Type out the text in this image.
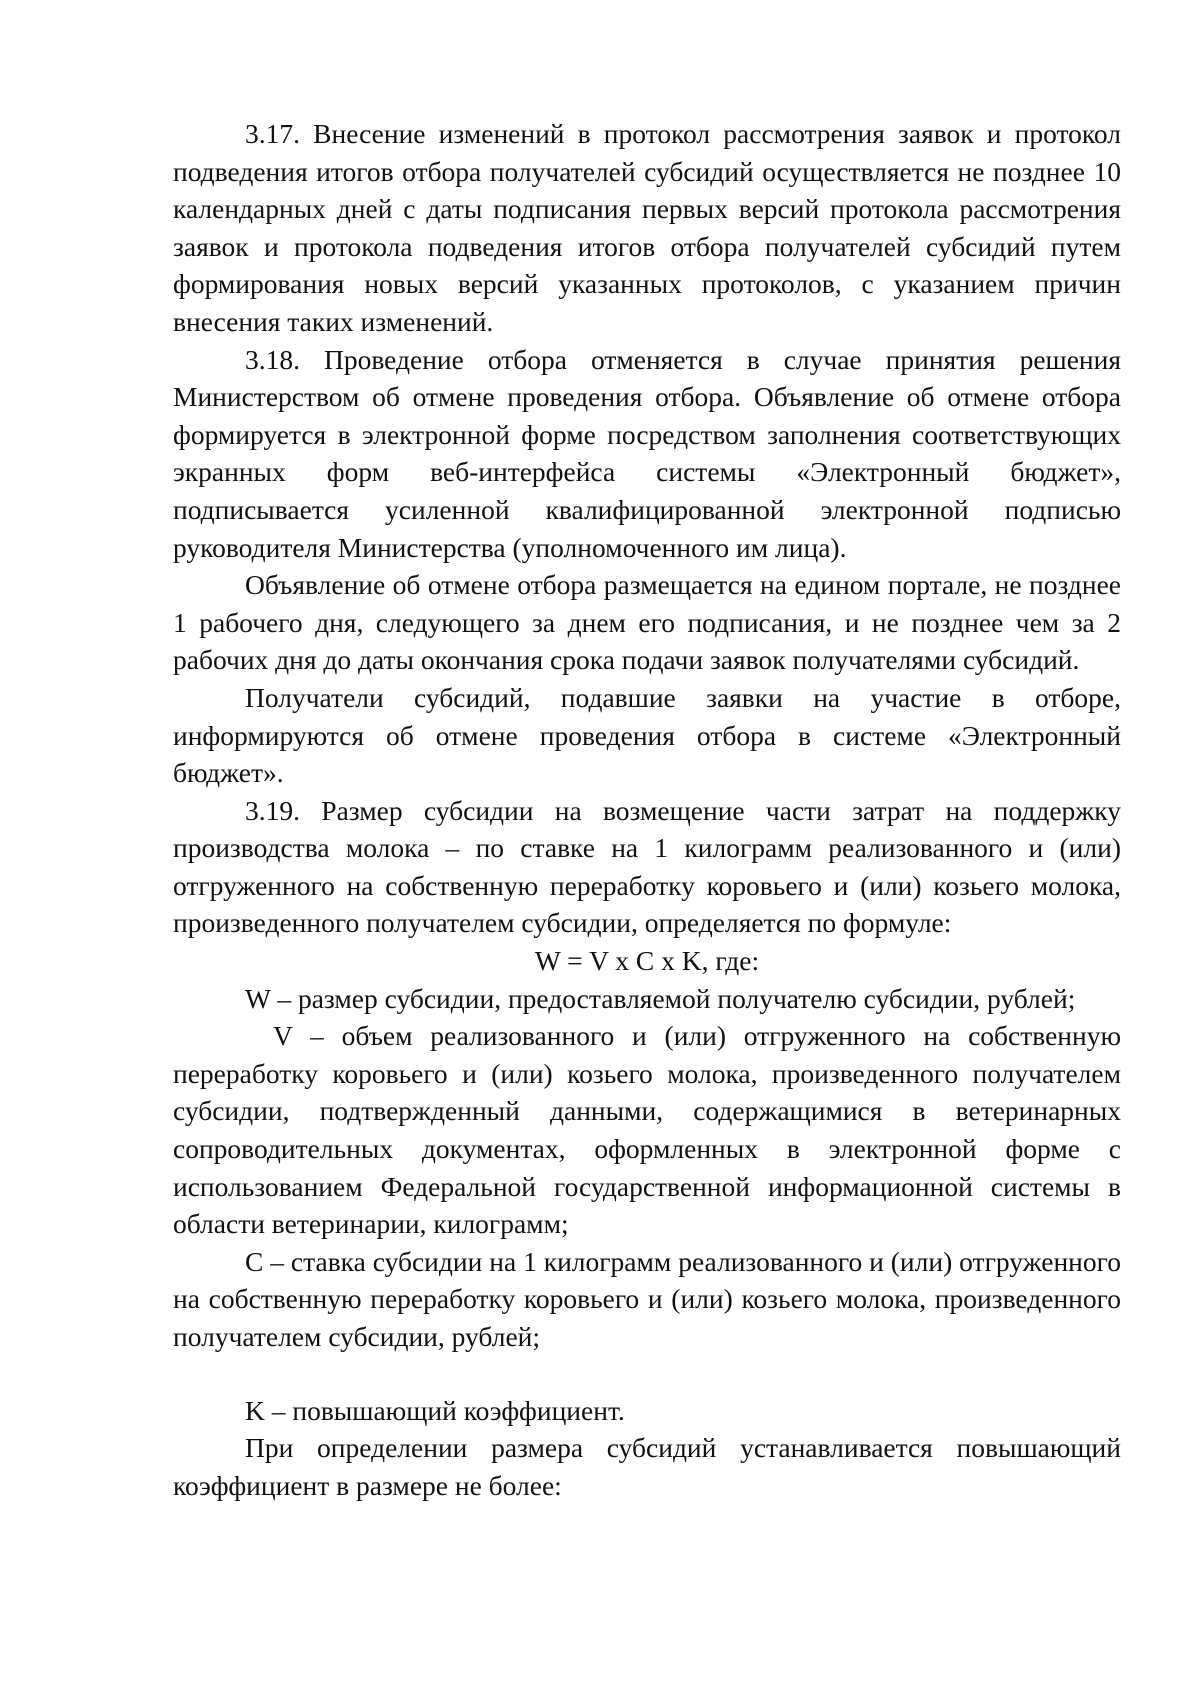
3.17. Внесение изменений в протокол рассмотрения заявок и протокол подведения итогов отбора получателей субсидий осуществляется не позднее 10 календарных дней с даты подписания первых версий протокола рассмотрения заявок и протокола подведения итогов отбора получателей субсидий путем формирования новых версий указанных протоколов, с указанием причин внесения таких изменений.

3.18. Проведение отбора отменяется в случае принятия решения Министерством об отмене проведения отбора. Объявление об отмене отбора формируется в электронной форме посредством заполнения соответствующих экранных форм веб-интерфейса системы «Электронный бюджет», подписывается усиленной квалифицированной электронной подписью руководителя Министерства (уполномоченного им лица).

Объявление об отмене отбора размещается на едином портале, не позднее 1 рабочего дня, следующего за днем его подписания, и не позднее чем за 2 рабочих дня до даты окончания срока подачи заявок получателями субсидий.

Получатели субсидий, подавшие заявки на участие в отборе, информируются об отмене проведения отбора в системе «Электронный бюджет».

3.19. Размер субсидии на возмещение части затрат на поддержку производства молока – по ставке на 1 килограмм реализованного и (или) отгруженного на собственную переработку коровьего и (или) козьего молока, произведенного получателем субсидии, определяется по формуле:

W = V x C x K, где:

W – размер субсидии, предоставляемой получателю субсидии, рублей;

V – объем реализованного и (или) отгруженного на собственную переработку коровьего и (или) козьего молока, произведенного получателем субсидии, подтвержденный данными, содержащимися в ветеринарных сопроводительных документах, оформленных в электронной форме с использованием Федеральной государственной информационной системы в области ветеринарии, килограмм;

C – ставка субсидии на 1 килограмм реализованного и (или) отгруженного на собственную переработку коровьего и (или) козьего молока, произведенного получателем субсидии, рублей;

K – повышающий коэффициент.

При определении размера субсидий устанавливается повышающий коэффициент в размере не более:
